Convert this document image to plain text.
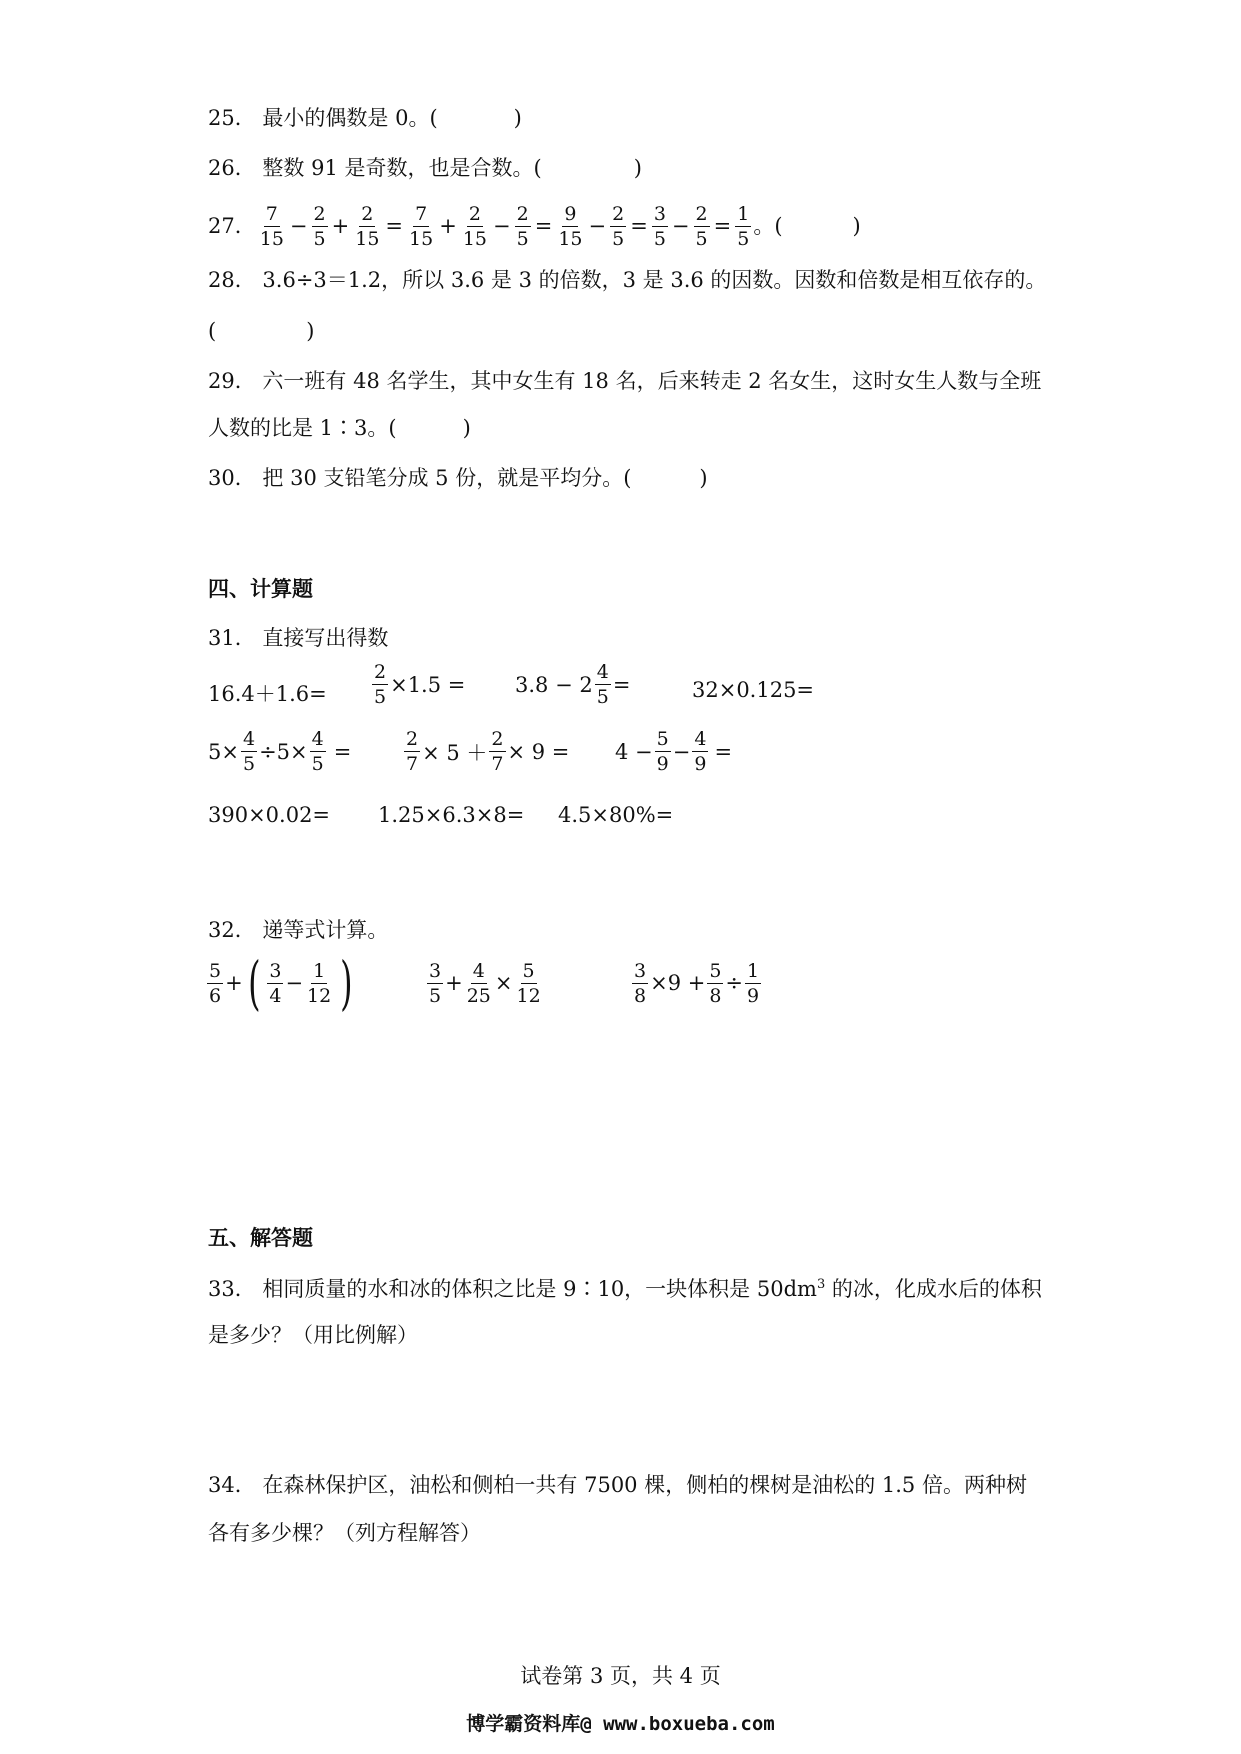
25． 最小的偶数是 0。(	)
26． 整数 91 是奇数，也是合数。(	)
27． $\frac{7}{15} - \frac{2}{5} + \frac{2}{15} = \frac{7}{15} + \frac{2}{15} - \frac{2}{5} = \frac{9}{15} - \frac{2}{5} = \frac{3}{5} - \frac{2}{5} = \frac{1}{5}$ 。(	)
28． 3.6÷3＝1.2，所以 3.6 是 3 的倍数，3 是 3.6 的因数。因数和倍数是相互依存的。
(	)
29． 六一班有 48 名学生，其中女生有 18 名，后来转走 2 名女生，这时女生人数与全班
人数的比是 1∶3。(	)
30． 把 30 支铅笔分成 5 份，就是平均分。(	)
四、计算题
31． 直接写出得数
$16.4+1.6= \frac{2}{5} \times 1.5 = 3.8 - 2 \frac{4}{5}$ =	32×0.125=
$5\times \frac{4}{5} \div 5\times \frac{4}{5}$ =	$\frac{2}{7} \times 5 + \frac{2}{7} \times 9 = 4 - \frac{5}{9} - \frac{4}{9}$ =
390×0.02= 1.25×6.3×8= 4.5×80%=
32． 递等式计算。
$\frac{5}{6}$ + ( $\frac{3}{4} - \frac{1}{12}$ )	$\frac{3}{5} + \frac{4}{25} \times \frac{5}{12}$	$\frac{3}{8} \times 9 + \frac{5}{8} \div \frac{1}{9}$
五、解答题
33． 相同质量的水和冰的体积之比是 9∶10，一块体积是 $50dm^3$ 的冰，化成水后的体积
是多少？（用比例解）
34． 在森林保护区，油松和侧柏一共有 7500 棵，侧柏的棵树是油松的 1.5 倍。两种树
各有多少棵？（列方程解答）
试卷第 3 页，共 4 页
博学霸资料库@ www.boxueba.com
